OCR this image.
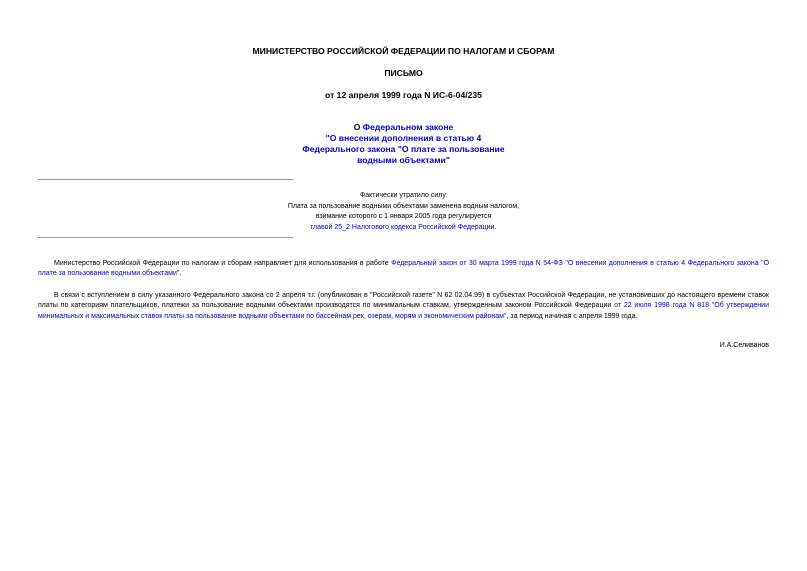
МИНИСТЕРСТВО РОССИЙСКОЙ ФЕДЕРАЦИИ ПО НАЛОГАМ И СБОРАМ
ПИСЬМО
от 12 апреля 1999 года N ИС-6-04/235
О Федеральном законе
"О внесении дополнения в статью 4
Федерального закона "О плате за пользование
водными объектами"
Фактически утратило силу.
Плата за пользование водными объектами заменена водным налогом,
взимание которого с 1 января 2005 года регулируется
главой 25_2 Налогового кодекса Российской Федерации.
Министерство Российской Федерации по налогам и сборам направляет для использования в работе Федеральный закон от 30 марта 1999 года N 54-ФЗ "О внесении дополнения в статью 4 Федерального закона "О плате за пользование водными объектами".
В связи с вступлением в силу указанного Федерального закона со 2 апреля т.г. (опубликован в "Российской газете" N 62 02.04.99) в субъектах Российской Федерации, не установивших до настоящего времени ставок платы по категориям плательщиков, платежи за пользование водными объектами производятся по минимальным ставкам, утвержденным законом Российской Федерации от 22 июля 1998 года N 818 "Об утверждении минимальных и максимальных ставок платы за пользование водными объектами по бассейнам рек, озерам, морям и экономическим районам", за период начиная с апреля 1999 года.
И.А.Селиванов
